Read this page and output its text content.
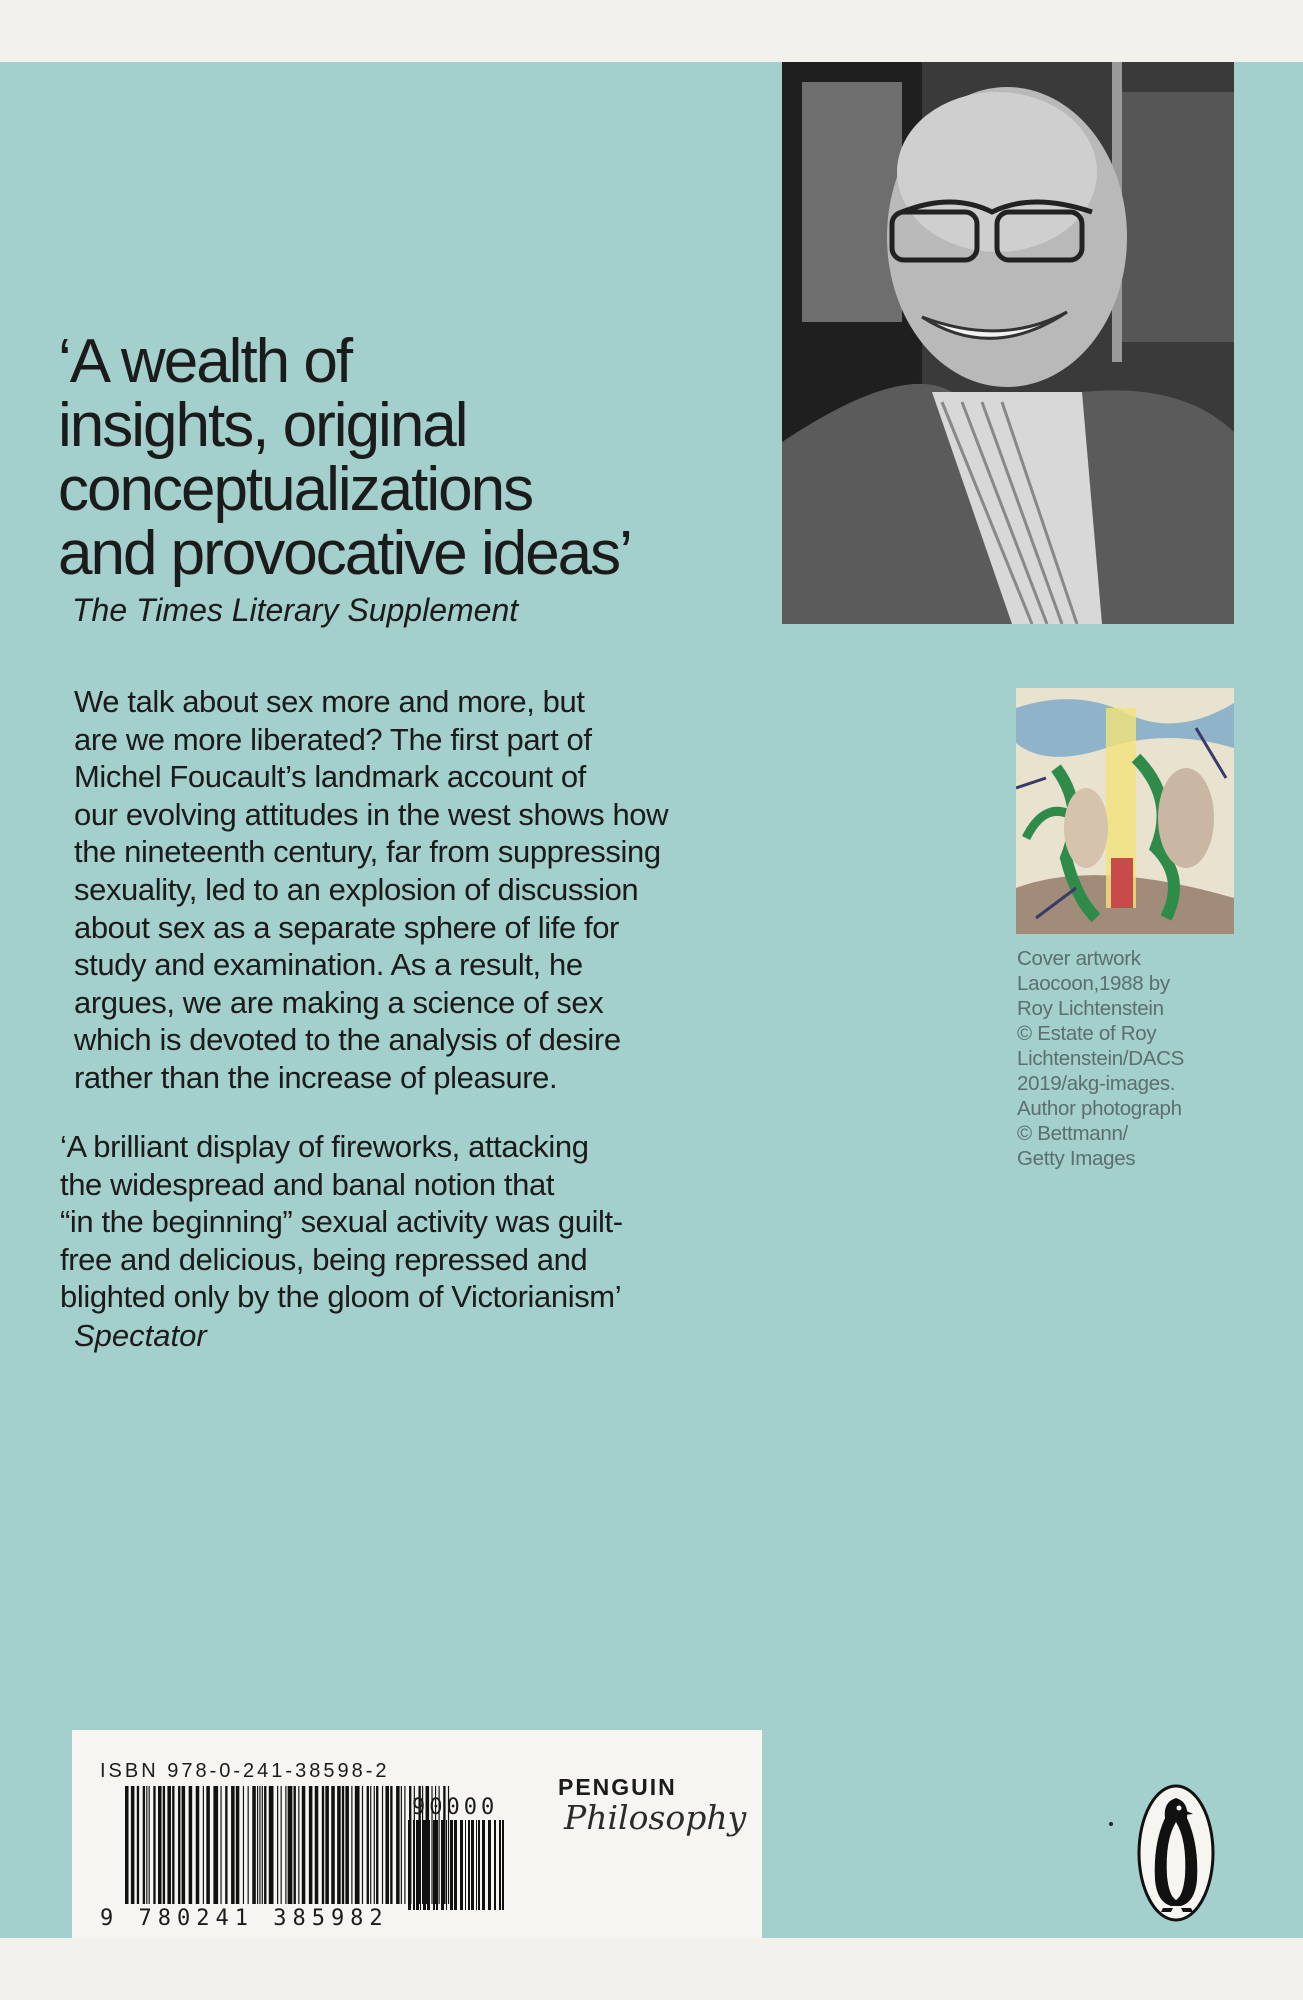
‘A wealth of
insights, original
conceptualizations
and provocative ideas’
The Times Literary Supplement
We talk about sex more and more, but
are we more liberated? The first part of
Michel Foucault’s landmark account of
our evolving attitudes in the west shows how
the nineteenth century, far from suppressing
sexuality, led to an explosion of discussion
about sex as a separate sphere of life for
study and examination. As a result, he
argues, we are making a science of sex
which is devoted to the analysis of desire
rather than the increase of pleasure.
‘A brilliant display of fireworks, attacking
the widespread and banal notion that
“in the beginning” sexual activity was guilt-
free and delicious, being repressed and
blighted only by the gloom of Victorianism’
Spectator
Cover artwork
Laocoon,1988 by
Roy Lichtenstein
© Estate of Roy
Lichtenstein/DACS
2019/akg-images.
Author photograph
© Bettmann/
Getty Images
ISBN 978-0-241-38598-2
90000
9 780241 385982
PENGUIN
Philosophy
